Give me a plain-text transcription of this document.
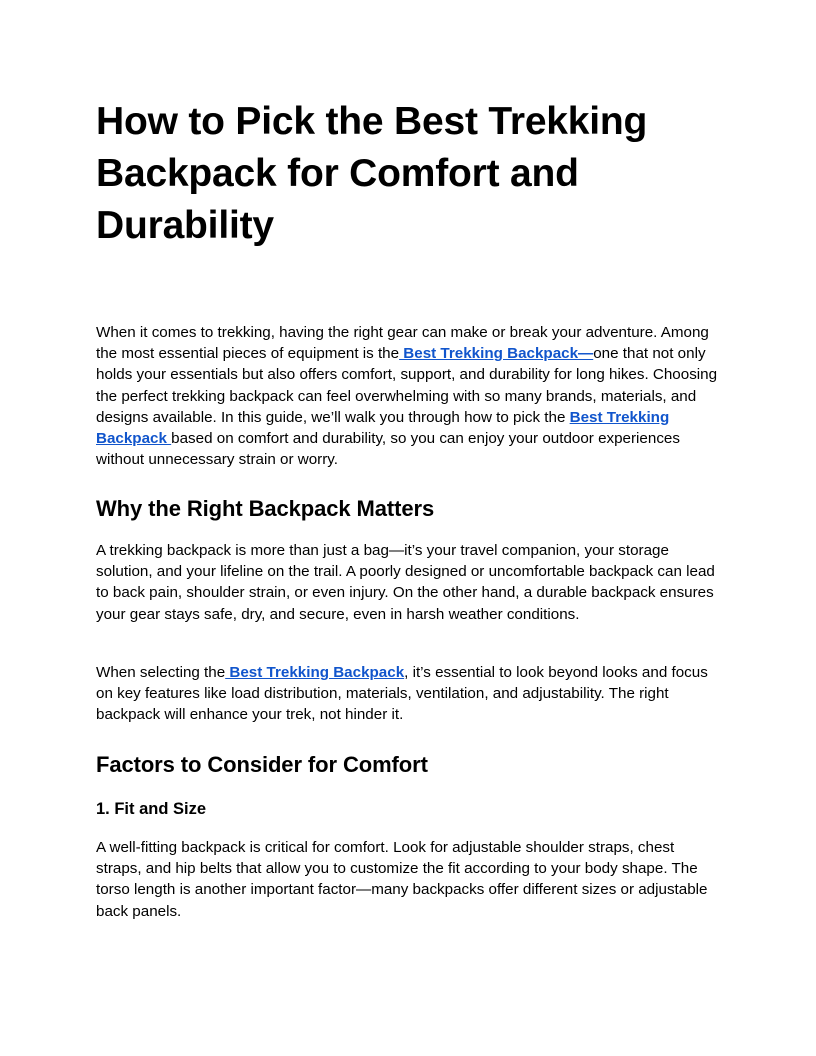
How to Pick the Best Trekking Backpack for Comfort and Durability

When it comes to trekking, having the right gear can make or break your adventure. Among the most essential pieces of equipment is the Best Trekking Backpack—one that not only holds your essentials but also offers comfort, support, and durability for long hikes. Choosing the perfect trekking backpack can feel overwhelming with so many brands, materials, and designs available. In this guide, we’ll walk you through how to pick the Best Trekking Backpack based on comfort and durability, so you can enjoy your outdoor experiences without unnecessary strain or worry.

Why the Right Backpack Matters

A trekking backpack is more than just a bag—it’s your travel companion, your storage solution, and your lifeline on the trail. A poorly designed or uncomfortable backpack can lead to back pain, shoulder strain, or even injury. On the other hand, a durable backpack ensures your gear stays safe, dry, and secure, even in harsh weather conditions.

When selecting the Best Trekking Backpack, it’s essential to look beyond looks and focus on key features like load distribution, materials, ventilation, and adjustability. The right backpack will enhance your trek, not hinder it.

Factors to Consider for Comfort
1. Fit and Size

A well-fitting backpack is critical for comfort. Look for adjustable shoulder straps, chest straps, and hip belts that allow you to customize the fit according to your body shape. The torso length is another important factor—many backpacks offer different sizes or adjustable back panels.
